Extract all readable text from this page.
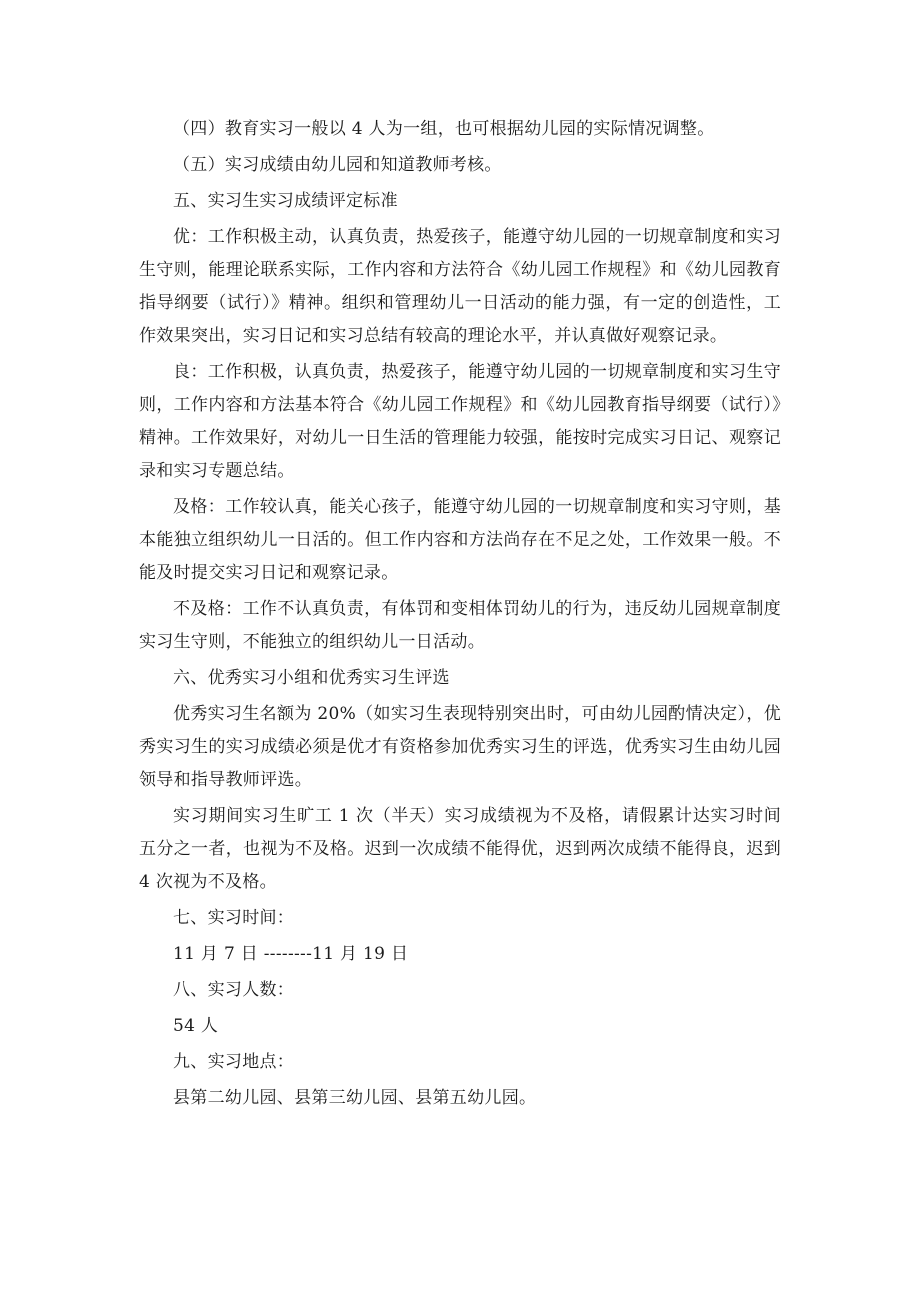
（四）教育实习一般以 4 人为一组，也可根据幼儿园的实际情况调整。

（五）实习成绩由幼儿园和知道教师考核。

五、实习生实习成绩评定标准

优：工作积极主动，认真负责，热爱孩子，能遵守幼儿园的一切规章制度和实习生守则，能理论联系实际，工作内容和方法符合《幼儿园工作规程》和《幼儿园教育指导纲要（试行）》精神。组织和管理幼儿一日活动的能力强，有一定的创造性，工作效果突出，实习日记和实习总结有较高的理论水平，并认真做好观察记录。

良：工作积极，认真负责，热爱孩子，能遵守幼儿园的一切规章制度和实习生守则，工作内容和方法基本符合《幼儿园工作规程》和《幼儿园教育指导纲要（试行）》精神。工作效果好，对幼儿一日生活的管理能力较强，能按时完成实习日记、观察记录和实习专题总结。

及格：工作较认真，能关心孩子，能遵守幼儿园的一切规章制度和实习守则，基本能独立组织幼儿一日活的。但工作内容和方法尚存在不足之处，工作效果一般。不能及时提交实习日记和观察记录。

不及格：工作不认真负责，有体罚和变相体罚幼儿的行为，违反幼儿园规章制度实习生守则，不能独立的组织幼儿一日活动。

六、优秀实习小组和优秀实习生评选

优秀实习生名额为 20%（如实习生表现特别突出时，可由幼儿园酌情决定），优秀实习生的实习成绩必须是优才有资格参加优秀实习生的评选，优秀实习生由幼儿园领导和指导教师评选。

实习期间实习生旷工 1 次（半天）实习成绩视为不及格，请假累计达实习时间五分之一者，也视为不及格。迟到一次成绩不能得优，迟到两次成绩不能得良，迟到 4 次视为不及格。

七、实习时间：

11 月 7 日 --------11 月 19 日

八、实习人数：

54 人

九、实习地点：

县第二幼儿园、县第三幼儿园、县第五幼儿园。
